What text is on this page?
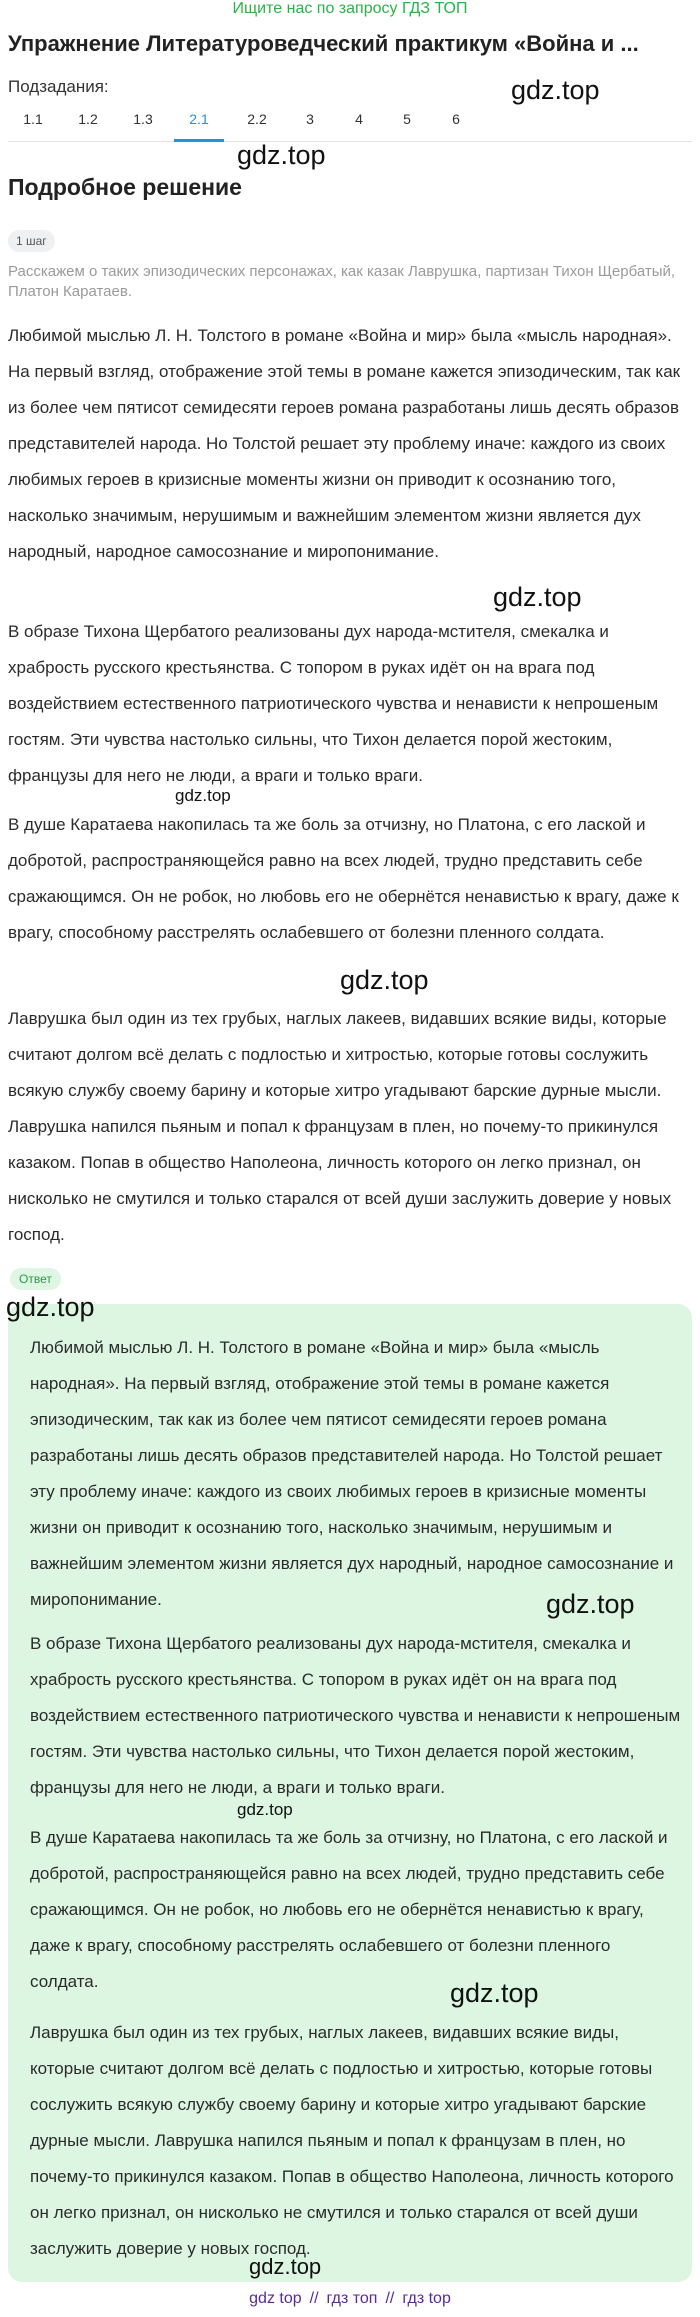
Ищите нас по запросу ГДЗ ТОП
Упражнение Литературоведческий практикум «Война и ...
Подзадания:
1.1	1.2	1.3	2.1	2.2	3	4	5	6
gdz.top
gdz.top
Подробное решение
1 шаг
Расскажем о таких эпизодических персонажах, как казак Лаврушка, партизан Тихон Щербатый, Платон Каратаев.
Любимой мыслью Л. Н. Толстого в романе «Война и мир» была «мысль народная». На первый взгляд, отображение этой темы в романе кажется эпизодическим, так как из более чем пятисот семидесяти героев романа разработаны лишь десять образов представителей народа. Но Толстой решает эту проблему иначе: каждого из своих любимых героев в кризисные моменты жизни он приводит к осознанию того, насколько значимым, нерушимым и важнейшим элементом жизни является дух народный, народное самосознание и миропонимание.
В образе Тихона Щербатого реализованы дух народа-мстителя, смекалка и храбрость русского крестьянства. С топором в руках идёт он на врага под воздействием естественного патриотического чувства и ненависти к непрошеным гостям. Эти чувства настолько сильны, что Тихон делается порой жестоким, французы для него не люди, а враги и только враги.
В душе Каратаева накопилась та же боль за отчизну, но Платона, с его лаской и добротой, распространяющейся равно на всех людей, трудно представить себе сражающимся. Он не робок, но любовь его не обернётся ненавистью к врагу, даже к врагу, способному расстрелять ослабевшего от болезни пленного солдата.
Лаврушка был один из тех грубых, наглых лакеев, видавших всякие виды, которые считают долгом всё делать с подлостью и хитростью, которые готовы сослужить всякую службу своему барину и которые хитро угадывают барские дурные мысли. Лаврушка напился пьяным и попал к французам в плен, но почему-то прикинулся казаком. Попав в общество Наполеона, личность которого он легко признал, он нисколько не смутился и только старался от всей души заслужить доверие у новых господ.
gdz.top
gdz.top
gdz.top
Ответ
Любимой мыслью Л. Н. Толстого в романе «Война и мир» была «мысль народная». На первый взгляд, отображение этой темы в романе кажется эпизодическим, так как из более чем пятисот семидесяти героев романа разработаны лишь десять образов представителей народа. Но Толстой решает эту проблему иначе: каждого из своих любимых героев в кризисные моменты жизни он приводит к осознанию того, насколько значимым, нерушимым и важнейшим элементом жизни является дух народный, народное самосознание и миропонимание.
В образе Тихона Щербатого реализованы дух народа-мстителя, смекалка и храбрость русского крестьянства. С топором в руках идёт он на врага под воздействием естественного патриотического чувства и ненависти к непрошеным гостям. Эти чувства настолько сильны, что Тихон делается порой жестоким, французы для него не люди, а враги и только враги.
В душе Каратаева накопилась та же боль за отчизну, но Платона, с его лаской и добротой, распространяющейся равно на всех людей, трудно представить себе сражающимся. Он не робок, но любовь его не обернётся ненавистью к врагу, даже к врагу, способному расстрелять ослабевшего от болезни пленного солдата.
Лаврушка был один из тех грубых, наглых лакеев, видавших всякие виды, которые считают долгом всё делать с подлостью и хитростью, которые готовы сослужить всякую службу своему барину и которые хитро угадывают барские дурные мысли. Лаврушка напился пьяным и попал к французам в плен, но почему-то прикинулся казаком. Попав в общество Наполеона, личность которого он легко признал, он нисколько не смутился и только старался от всей души заслужить доверие у новых господ.
gdz.top
gdz.top
gdz.top
gdz.top
gdz.top
gdz top // гдз топ // гдз top
